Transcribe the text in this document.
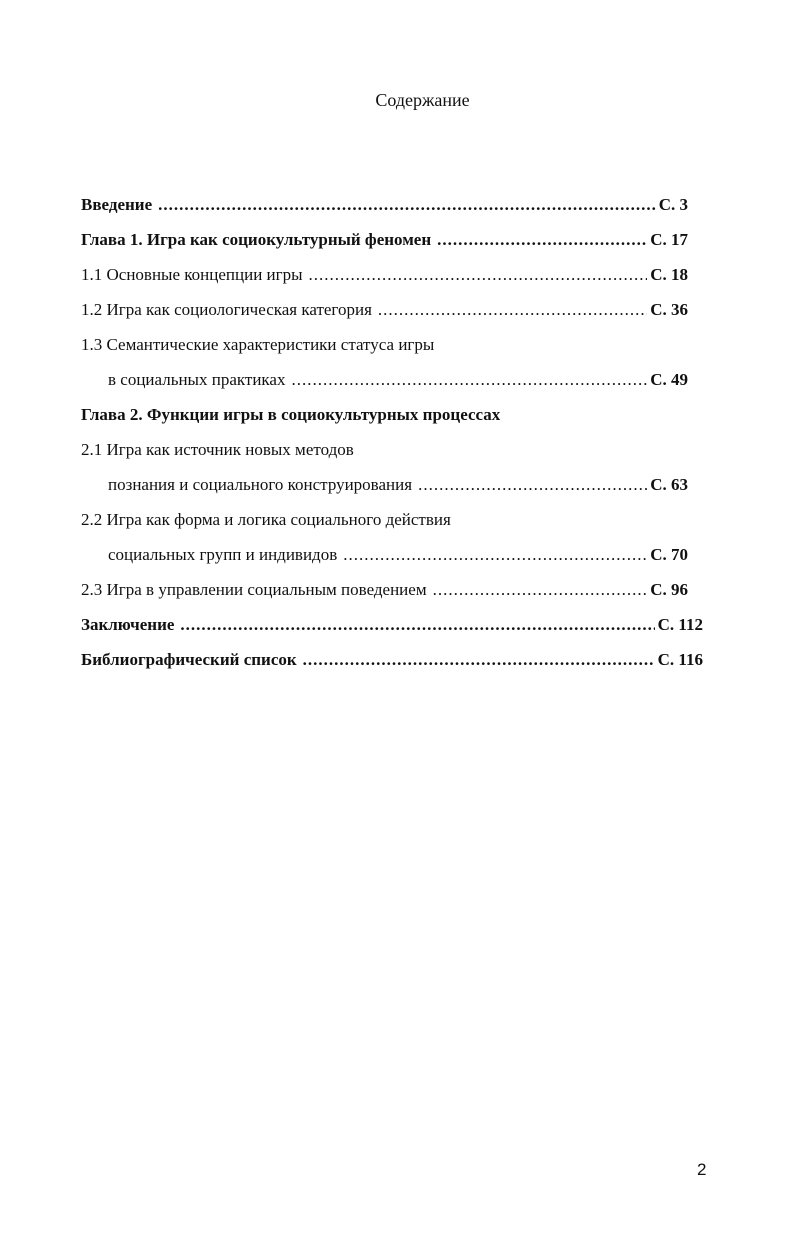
Содержание
Введение .....	С. 3
Глава 1. Игра как социокультурный феномен .....	С. 17
1.1 Основные концепции игры .....	С. 18
1.2 Игра как социологическая категория .....	С. 36
1.3 Семантические характеристики статуса игры
в социальных практиках .....	С. 49
Глава 2. Функции игры в социокультурных процессах
2.1 Игра как источник новых методов
познания и социального конструирования .....	С. 63
2.2 Игра как форма и логика социального действия
социальных групп и индивидов .....	С. 70
2.3 Игра в управлении социальным поведением .....	С. 96
Заключение .....	С. 112
Библиографический список .....	С. 116
2
